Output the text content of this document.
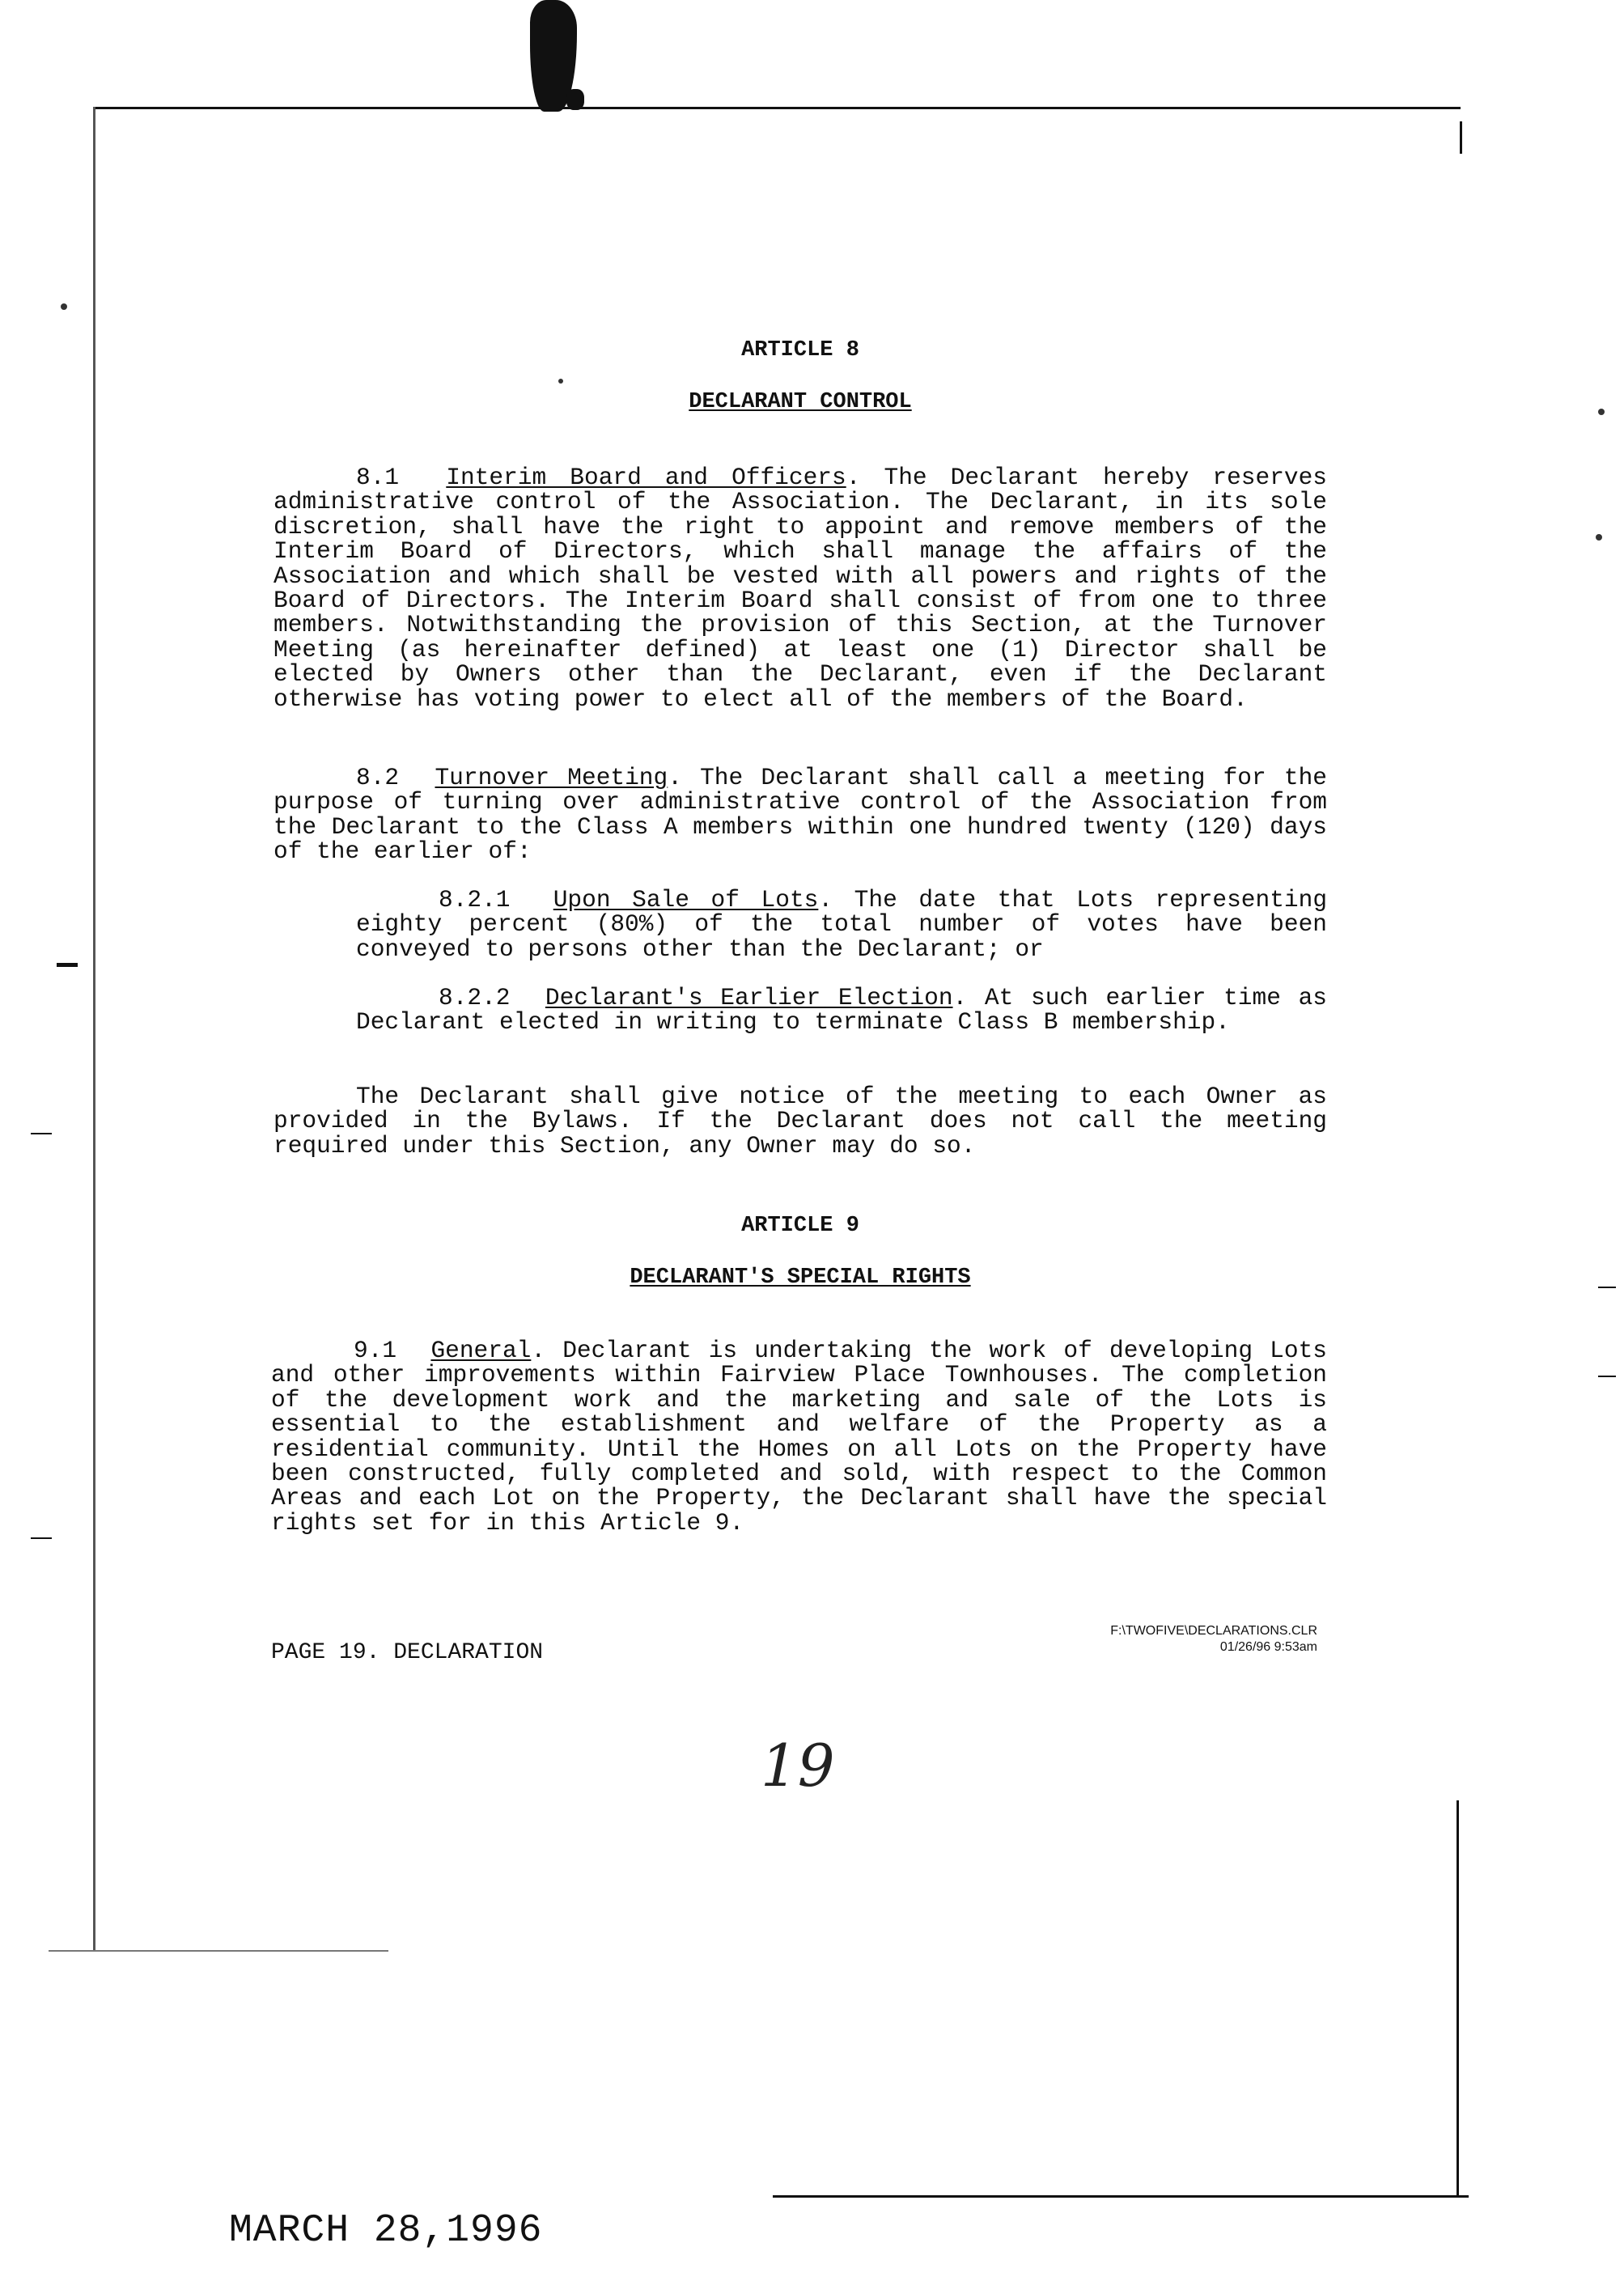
ARTICLE 8
DECLARANT CONTROL
8.1 Interim Board and Officers. The Declarant hereby reserves administrative control of the Association. The Declarant, in its sole discretion, shall have the right to appoint and remove members of the Interim Board of Directors, which shall manage the affairs of the Association and which shall be vested with all powers and rights of the Board of Directors. The Interim Board shall consist of from one to three members. Notwithstanding the provision of this Section, at the Turnover Meeting (as hereinafter defined) at least one (1) Director shall be elected by Owners other than the Declarant, even if the Declarant otherwise has voting power to elect all of the members of the Board.
8.2 Turnover Meeting. The Declarant shall call a meeting for the purpose of turning over administrative control of the Association from the Declarant to the Class A members within one hundred twenty (120) days of the earlier of:
8.2.1 Upon Sale of Lots. The date that Lots representing eighty percent (80%) of the total number of votes have been conveyed to persons other than the Declarant; or
8.2.2 Declarant's Earlier Election. At such earlier time as Declarant elected in writing to terminate Class B membership.
The Declarant shall give notice of the meeting to each Owner as provided in the Bylaws. If the Declarant does not call the meeting required under this Section, any Owner may do so.
ARTICLE 9
DECLARANT'S SPECIAL RIGHTS
9.1 General. Declarant is undertaking the work of developing Lots and other improvements within Fairview Place Townhouses. The completion of the development work and the marketing and sale of the Lots is essential to the establishment and welfare of the Property as a residential community. Until the Homes on all Lots on the Property have been constructed, fully completed and sold, with respect to the Common Areas and each Lot on the Property, the Declarant shall have the special rights set for in this Article 9.
PAGE 19. DECLARATION
F:\TWOFIVE\DECLARATIONS.CLR
01/26/96 9:53am
19
MARCH 28,1996
